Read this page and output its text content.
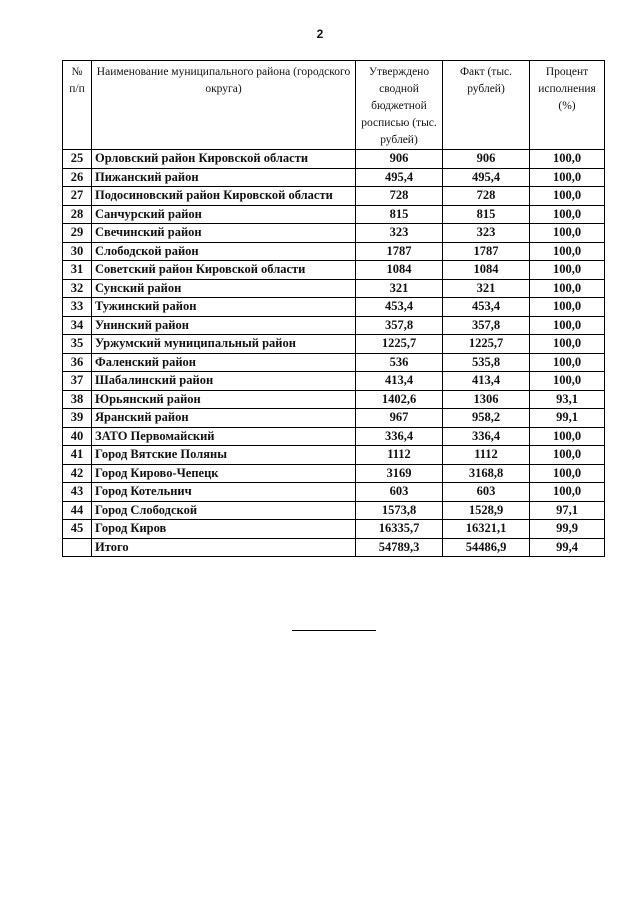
2
№ п/п	Наименование муниципального района (городского округа)	Утверждено сводной бюджетной росписью (тыс. рублей)	Факт (тыс. рублей)	Процент исполнения (%)
25	Орловский район Кировской области	906	906	100,0
26	Пижанский район	495,4	495,4	100,0
27	Подосиновский район Кировской области	728	728	100,0
28	Санчурский район	815	815	100,0
29	Свечинский район	323	323	100,0
30	Слободской район	1787	1787	100,0
31	Советский район Кировской области	1084	1084	100,0
32	Сунский район	321	321	100,0
33	Тужинский район	453,4	453,4	100,0
34	Унинский район	357,8	357,8	100,0
35	Уржумский муниципальный район	1225,7	1225,7	100,0
36	Фаленский район	536	535,8	100,0
37	Шабалинский район	413,4	413,4	100,0
38	Юрьянский район	1402,6	1306	93,1
39	Яранский район	967	958,2	99,1
40	ЗАТО Первомайский	336,4	336,4	100,0
41	Город Вятские Поляны	1112	1112	100,0
42	Город Кирово-Чепецк	3169	3168,8	100,0
43	Город Котельнич	603	603	100,0
44	Город Слободской	1573,8	1528,9	97,1
45	Город Киров	16335,7	16321,1	99,9
	Итого	54789,3	54486,9	99,4
